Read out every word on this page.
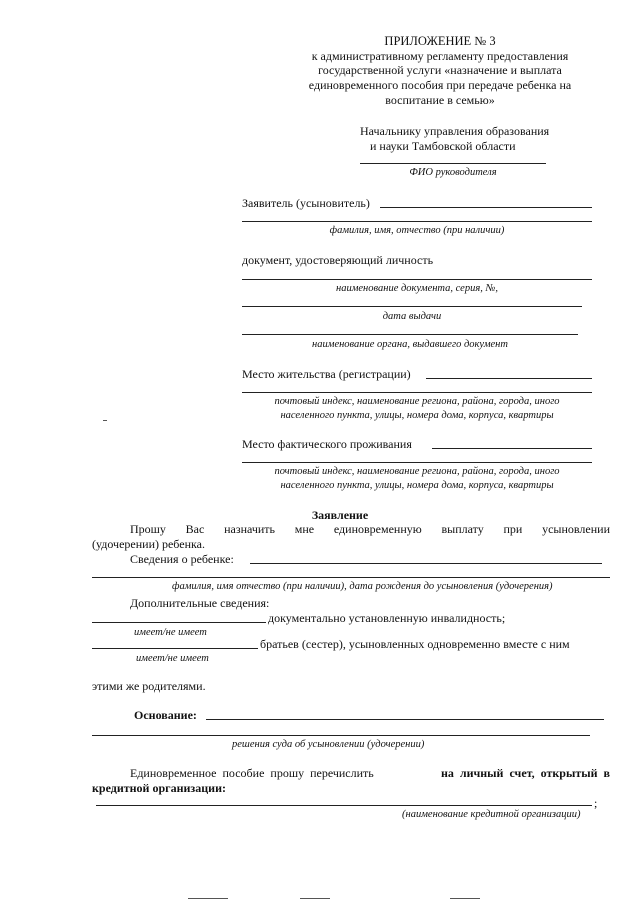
ПРИЛОЖЕНИЕ № 3
к административному регламенту предоставления
государственной услуги «назначение и выплата
единовременного пособия при передаче ребенка на
воспитание в семью»
Начальнику управления образования
и науки Тамбовской области
ФИО руководителя
Заявитель (усыновитель)
фамилия, имя, отчество (при наличии)
документ, удостоверяющий личность
наименование документа, серия, №,
дата выдачи
наименование органа, выдавшего документ
Место жительства (регистрации)
почтовый индекс, наименование региона, района, города, иного
населенного пункта, улицы, номера дома, корпуса, квартиры
Место фактического проживания
почтовый индекс, наименование региона, района, города, иного
населенного пункта, улицы, номера дома, корпуса, квартиры
Заявление
Прошу Вас назначить мне единовременную выплату при усыновлении
(удочерении) ребенка.
Сведения о ребенке:
фамилия, имя отчество (при наличии), дата рождения до усыновления (удочерения)
Дополнительные сведения:
документально установленную инвалидность;
имеет/не имеет
братьев (сестер), усыновленных одновременно вместе с ним
имеет/не имеет
этими же родителями.
Основание:
решения суда об усыновлении (удочерении)
Единовременное пособие прошу перечислить	на личный счет, открытый в
кредитной организации:
;
(наименование кредитной организации)
